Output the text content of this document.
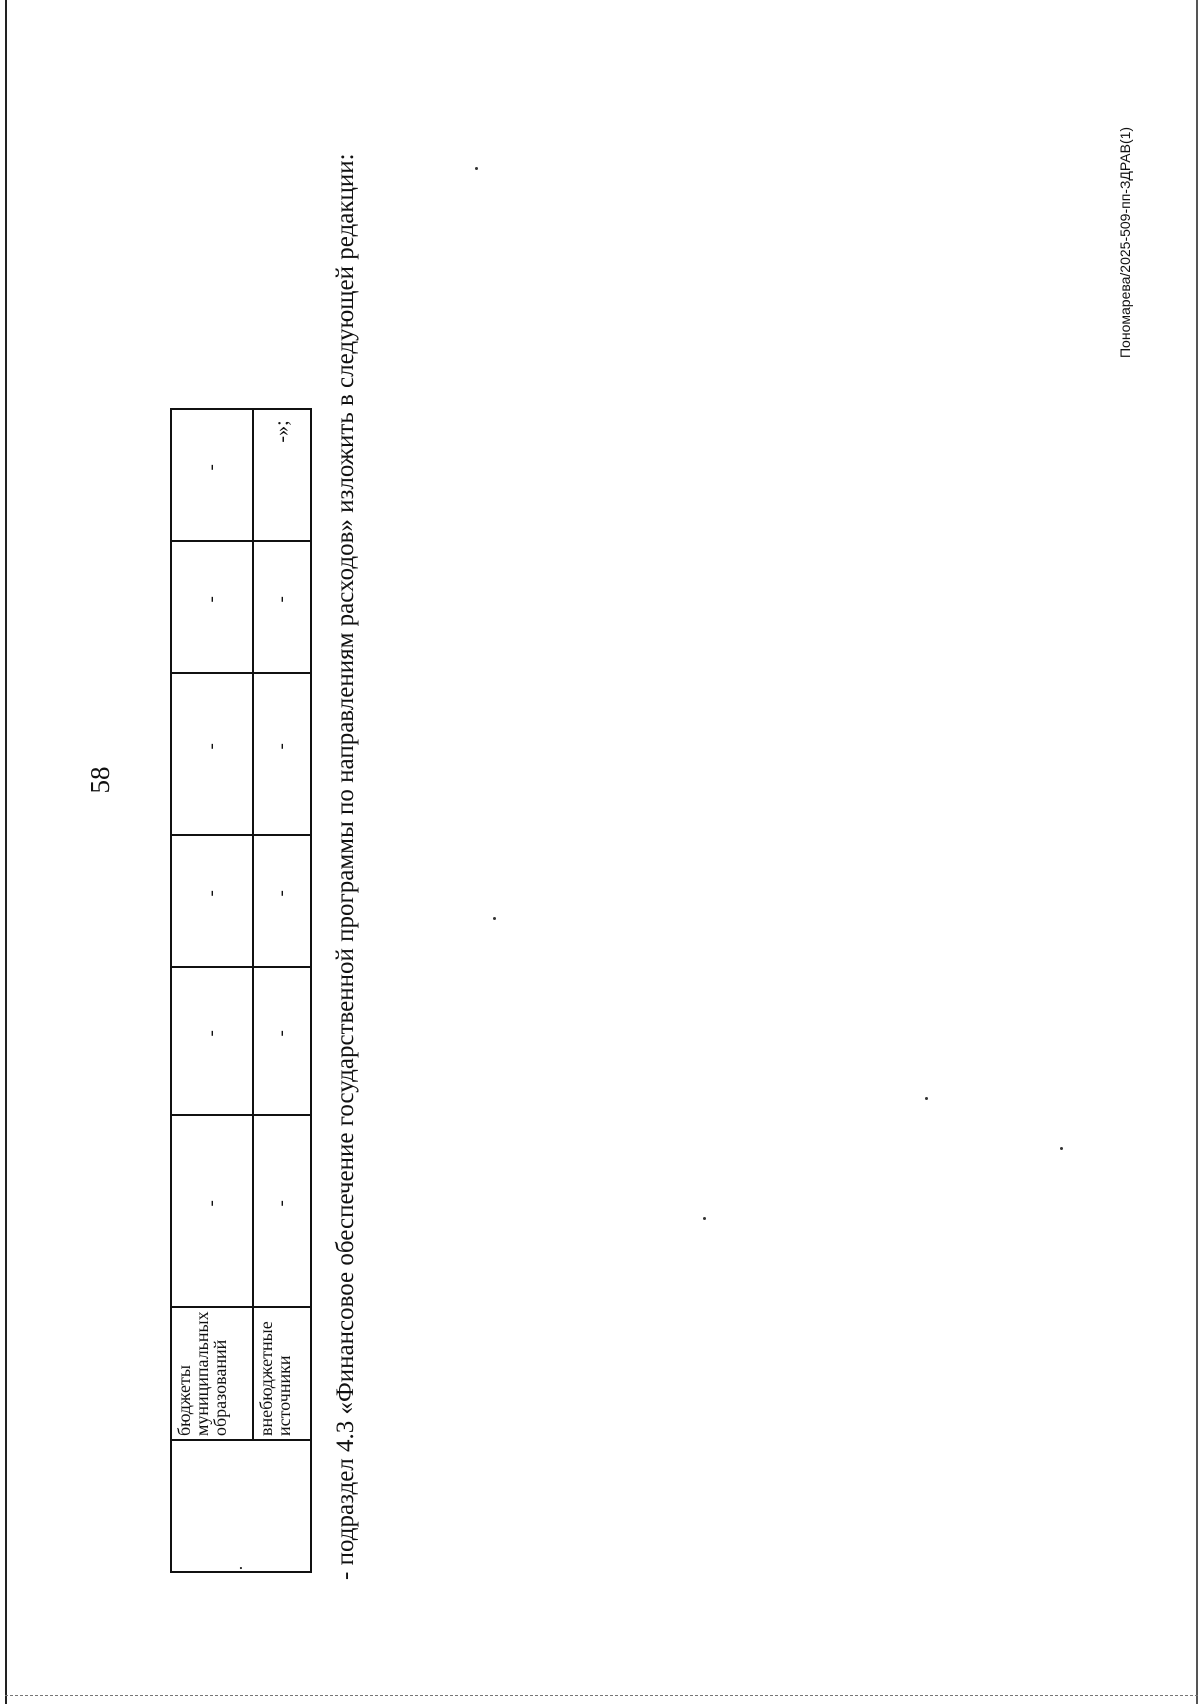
58
·	бюджеты муниципальных образований	-	-	-	-	-	-
	внебюджетные источники	-	-	-	-	-	-»; - подраздел 4.3 «Финансовое обеспечение государственной программы по направлениям расходов» изложить в следующей редакции:	Пономарева/2025-509-пп-ЗДРАВ(1)
